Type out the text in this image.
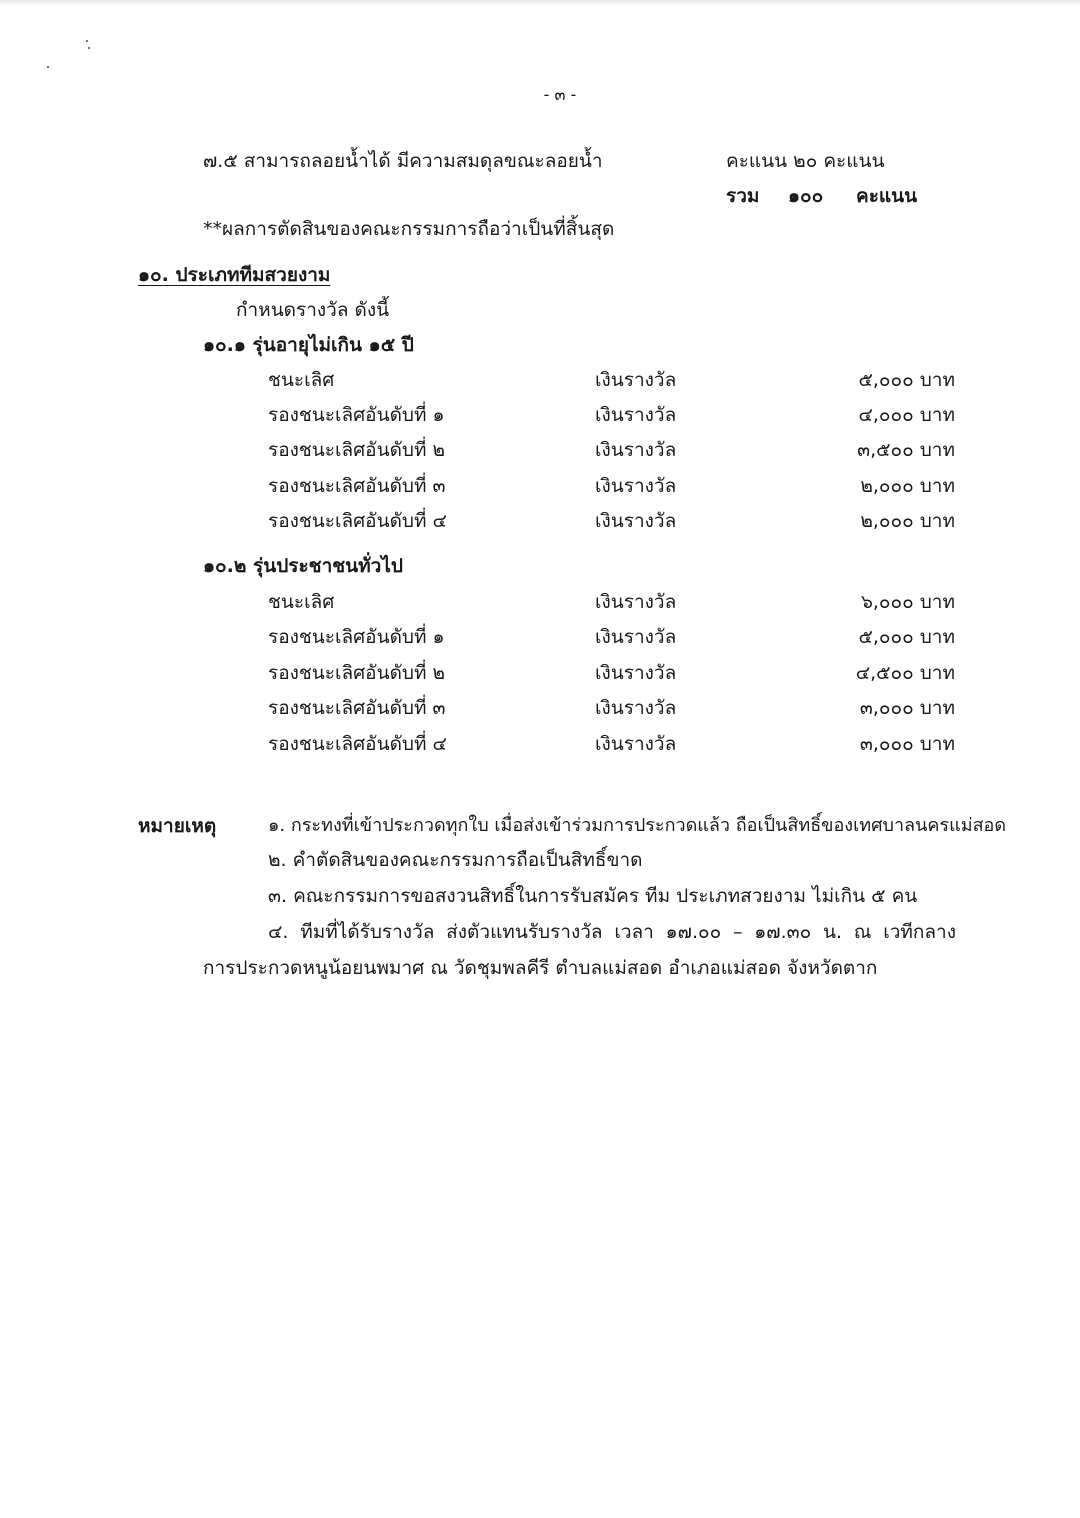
- ๓ -
๗.๕ สามารถลอยน้ำได้ มีความสมดุลขณะลอยน้ำ	คะแนน ๒๐ คะแนน
รวม ๑๐๐ คะแนน
**ผลการตัดสินของคณะกรรมการถือว่าเป็นที่สิ้นสุด
๑๐. ประเภททีมสวยงาม
กำหนดรางวัล ดังนี้
๑๐.๑ รุ่นอายุไม่เกิน ๑๕ ปี
ชนะเลิศ	เงินรางวัล	๕,๐๐๐ บาท
รองชนะเลิศอันดับที่ ๑	เงินรางวัล	๔,๐๐๐ บาท
รองชนะเลิศอันดับที่ ๒	เงินรางวัล	๓,๕๐๐ บาท
รองชนะเลิศอันดับที่ ๓	เงินรางวัล	๒,๐๐๐ บาท
รองชนะเลิศอันดับที่ ๔	เงินรางวัล	๒,๐๐๐ บาท
๑๐.๒ รุ่นประชาชนทั่วไป
ชนะเลิศ	เงินรางวัล	๖,๐๐๐ บาท
รองชนะเลิศอันดับที่ ๑	เงินรางวัล	๕,๐๐๐ บาท
รองชนะเลิศอันดับที่ ๒	เงินรางวัล	๔,๕๐๐ บาท
รองชนะเลิศอันดับที่ ๓	เงินรางวัล	๓,๐๐๐ บาท
รองชนะเลิศอันดับที่ ๔	เงินรางวัล	๓,๐๐๐ บาท
หมายเหตุ	๑. กระทงที่เข้าประกวดทุกใบ เมื่อส่งเข้าร่วมการประกวดแล้ว ถือเป็นสิทธิ์ของเทศบาลนครแม่สอด
๒. คำตัดสินของคณะกรรมการถือเป็นสิทธิ์ขาด
๓. คณะกรรมการขอสงวนสิทธิ์ในการรับสมัคร ทีม ประเภทสวยงาม ไม่เกิน ๕ คน
๔. ทีมที่ได้รับรางวัล ส่งตัวแทนรับรางวัล เวลา ๑๗.๐๐ – ๑๗.๓๐ น. ณ เวทีกลาง
การประกวดหนูน้อยนพมาศ ณ วัดชุมพลคีรี ตำบลแม่สอด อำเภอแม่สอด จังหวัดตาก
